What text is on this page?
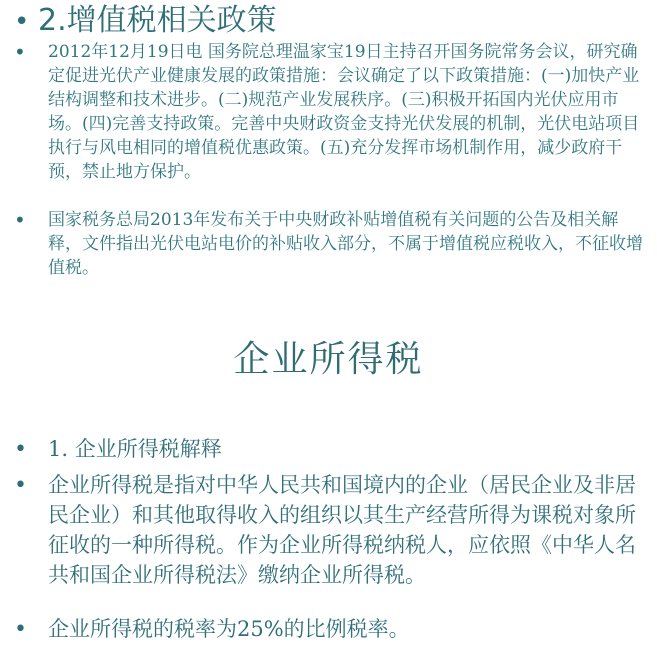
• 2.增值税相关政策
• 2012年12月19日电 国务院总理温家宝19日主持召开国务院常务会议，研究确定促进光伏产业健康发展的政策措施：会议确定了以下政策措施：(一)加快产业结构调整和技术进步。(二)规范产业发展秩序。(三)积极开拓国内光伏应用市场。(四)完善支持政策。完善中央财政资金支持光伏发展的机制，光伏电站项目执行与风电相同的增值税优惠政策。(五)充分发挥市场机制作用，减少政府干预，禁止地方保护。
• 国家税务总局2013年发布关于中央财政补贴增值税有关问题的公告及相关解释，文件指出光伏电站电价的补贴收入部分，不属于增值税应税收入，不征收增值税。
企业所得税
• 1. 企业所得税解释
• 企业所得税是指对中华人民共和国境内的企业（居民企业及非居民企业）和其他取得收入的组织以其生产经营所得为课税对象所征收的一种所得税。作为企业所得税纳税人，应依照《中华人名共和国企业所得税法》缴纳企业所得税。
• 企业所得税的税率为25%的比例税率。
